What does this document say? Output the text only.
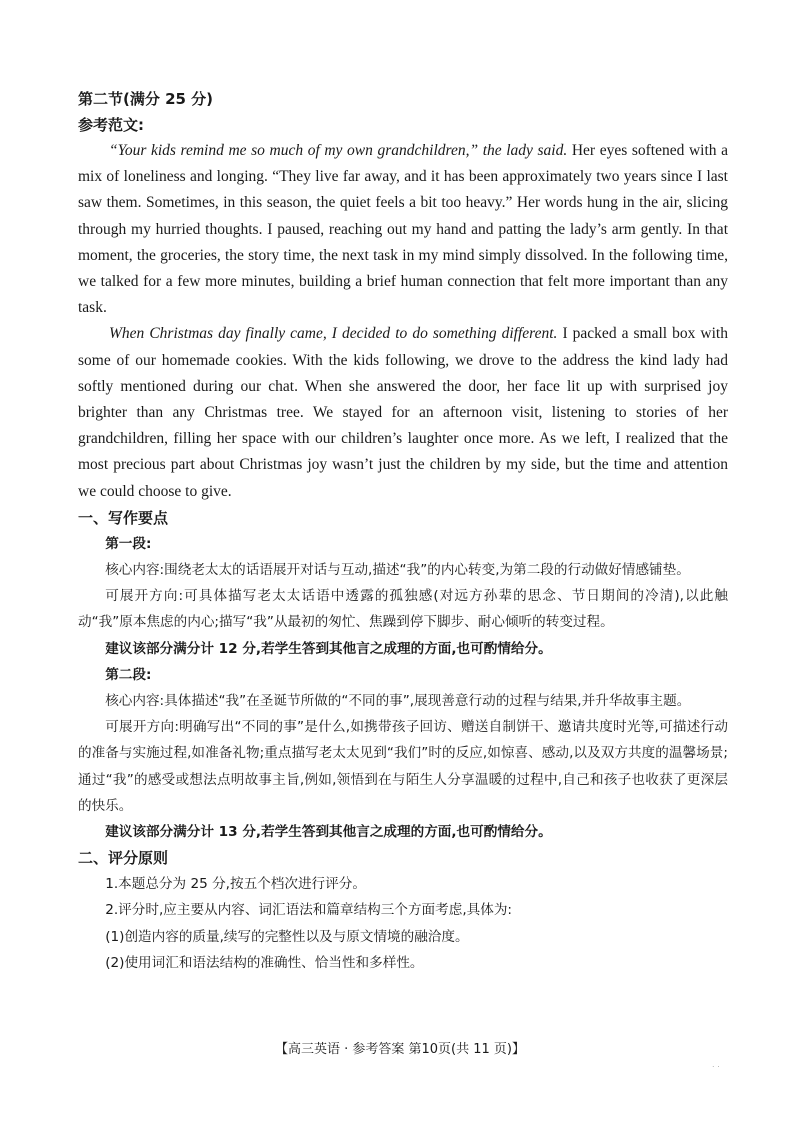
第二节(满分 25 分)

参考范文:

“Your kids remind me so much of my own grandchildren,” the lady said. Her eyes softened with a mix of loneliness and longing. “They live far away, and it has been approximately two years since I last saw them. Sometimes, in this season, the quiet feels a bit too heavy.” Her words hung in the air, slicing through my hurried thoughts. I paused, reaching out my hand and patting the lady’s arm gently. In that moment, the groceries, the story time, the next task in my mind simply dissolved. In the following time, we talked for a few more minutes, building a brief human connection that felt more important than any task.

When Christmas day finally came, I decided to do something different. I packed a small box with some of our homemade cookies. With the kids following, we drove to the address the kind lady had softly mentioned during our chat. When she answered the door, her face lit up with surprised joy brighter than any Christmas tree. We stayed for an afternoon visit, listening to stories of her grandchildren, filling her space with our children’s laughter once more. As we left, I realized that the most precious part about Christmas joy wasn’t just the children by my side, but the time and attention we could choose to give.

一、写作要点

第一段:

核心内容:围绕老太太的话语展开对话与互动,描述“我”的内心转变,为第二段的行动做好情感铺垫。

可展开方向:可具体描写老太太话语中透露的孤独感(对远方孙辈的思念、节日期间的冷清),以此触动“我”原本焦虑的内心;描写“我”从最初的匆忙、焦躁到停下脚步、耐心倾听的转变过程。

建议该部分满分计 12 分,若学生答到其他言之成理的方面,也可酌情给分。

第二段:

核心内容:具体描述“我”在圣诞节所做的“不同的事”,展现善意行动的过程与结果,并升华故事主题。

可展开方向:明确写出“不同的事”是什么,如携带孩子回访、赠送自制饼干、邀请共度时光等,可描述行动的准备与实施过程,如准备礼物;重点描写老太太见到“我们”时的反应,如惊喜、感动,以及双方共度的温馨场景;通过“我”的感受或想法点明故事主旨,例如,领悟到在与陌生人分享温暖的过程中,自己和孩子也收获了更深层的快乐。

建议该部分满分计 13 分,若学生答到其他言之成理的方面,也可酌情给分。

二、评分原则

1.本题总分为 25 分,按五个档次进行评分。

2.评分时,应主要从内容、词汇语法和篇章结构三个方面考虑,具体为:

(1)创造内容的质量,续写的完整性以及与原文情境的融洽度。

(2)使用词汇和语法结构的准确性、恰当性和多样性。

【高三英语 · 参考答案 第10页(共 11 页)】
. .
